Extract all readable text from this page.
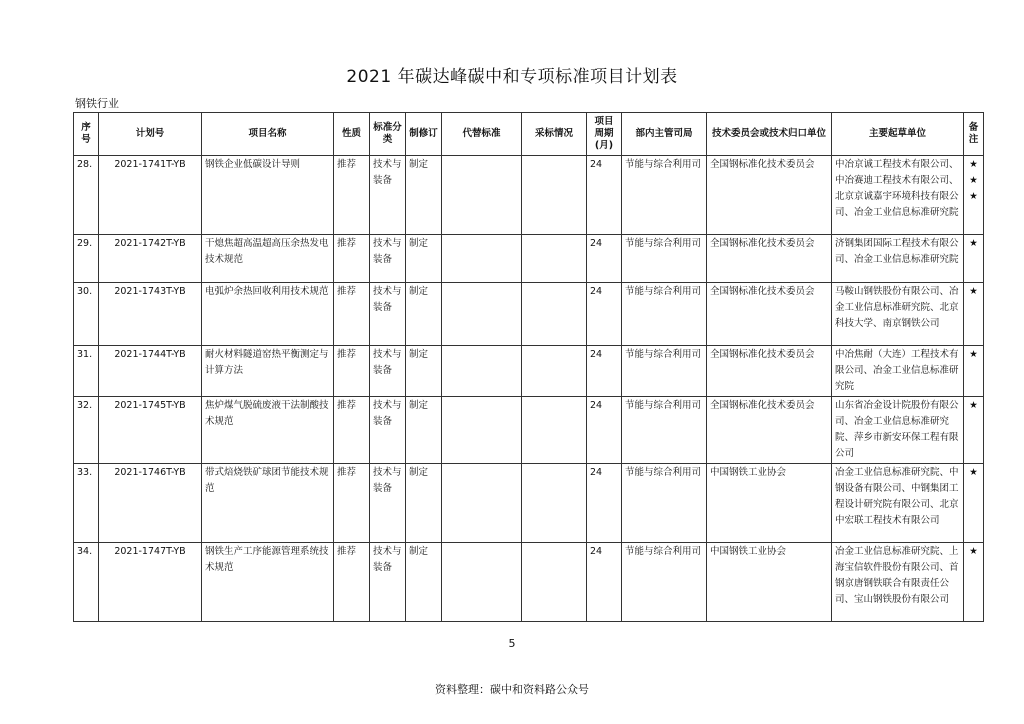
2021 年碳达峰碳中和专项标准项目计划表
钢铁行业
序号	计划号	项目名称	性质	标准分类	制修订	代替标准	采标情况	项目周期(月)	部内主管司局	技术委员会或技术归口单位	主要起草单位	备注
28.	2021-1741T-YB	钢铁企业低碳设计导则	推荐	技术与装备	制定			24	节能与综合利用司	全国钢标准化技术委员会	中冶京诚工程技术有限公司、中冶赛迪工程技术有限公司、北京京诚嘉宇环境科技有限公司、冶金工业信息标准研究院	★ ★ ★
29.	2021-1742T-YB	干熄焦超高温超高压余热发电技术规范	推荐	技术与装备	制定			24	节能与综合利用司	全国钢标准化技术委员会	济钢集团国际工程技术有限公司、冶金工业信息标准研究院	★
30.	2021-1743T-YB	电弧炉余热回收利用技术规范	推荐	技术与装备	制定			24	节能与综合利用司	全国钢标准化技术委员会	马鞍山钢铁股份有限公司、冶金工业信息标准研究院、北京科技大学、南京钢铁公司	★
31.	2021-1744T-YB	耐火材料隧道窑热平衡测定与计算方法	推荐	技术与装备	制定			24	节能与综合利用司	全国钢标准化技术委员会	中冶焦耐（大连）工程技术有限公司、冶金工业信息标准研究院	★
32.	2021-1745T-YB	焦炉煤气脱硫废液干法制酸技术规范	推荐	技术与装备	制定			24	节能与综合利用司	全国钢标准化技术委员会	山东省冶金设计院股份有限公司、冶金工业信息标准研究院、萍乡市新安环保工程有限公司	★
33.	2021-1746T-YB	带式焙烧铁矿球团节能技术规范	推荐	技术与装备	制定			24	节能与综合利用司	中国钢铁工业协会	冶金工业信息标准研究院、中钢设备有限公司、中钢集团工程设计研究院有限公司、北京中宏联工程技术有限公司	★
34.	2021-1747T-YB	钢铁生产工序能源管理系统技术规范	推荐	技术与装备	制定			24	节能与综合利用司	中国钢铁工业协会	冶金工业信息标准研究院、上海宝信软件股份有限公司、首钢京唐钢铁联合有限责任公司、宝山钢铁股份有限公司	★
5
资料整理：碳中和资料路公众号
